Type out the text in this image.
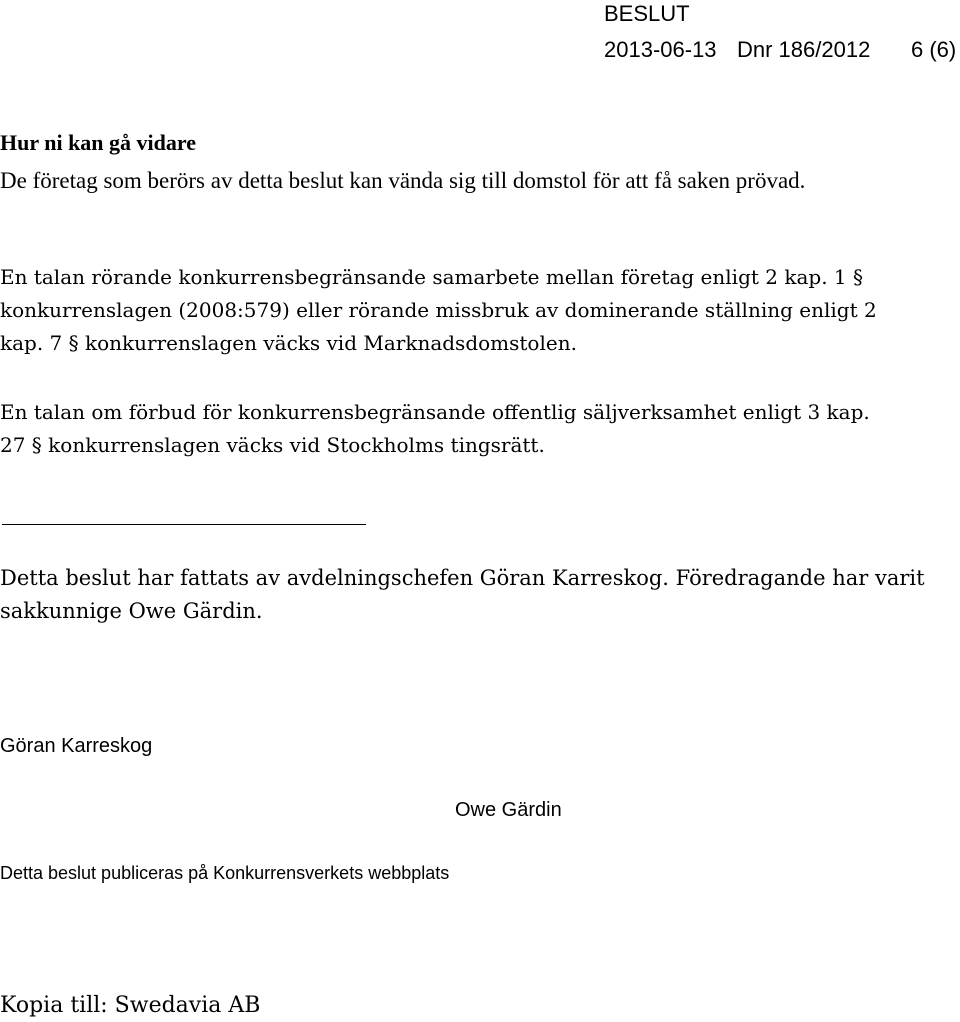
BESLUT
2013-06-13 Dnr 186/2012 6 (6)
Hur ni kan gå vidare

De företag som berörs av detta beslut kan vända sig till domstol för att få saken prövad.

En talan rörande konkurrensbegränsande samarbete mellan företag enligt 2 kap. 1 § konkurrenslagen (2008:579) eller rörande missbruk av dominerande ställning enligt 2 kap. 7 § konkurrenslagen väcks vid Marknadsdomstolen.

En talan om förbud för konkurrensbegränsande offentlig säljverksamhet enligt 3 kap. 27 § konkurrenslagen väcks vid Stockholms tingsrätt.

Detta beslut har fattats av avdelningschefen Göran Karreskog. Föredragande har varit sakkunnige Owe Gärdin.

Göran Karreskog
Owe Gärdin
Detta beslut publiceras på Konkurrensverkets webbplats
Kopia till: Swedavia AB
